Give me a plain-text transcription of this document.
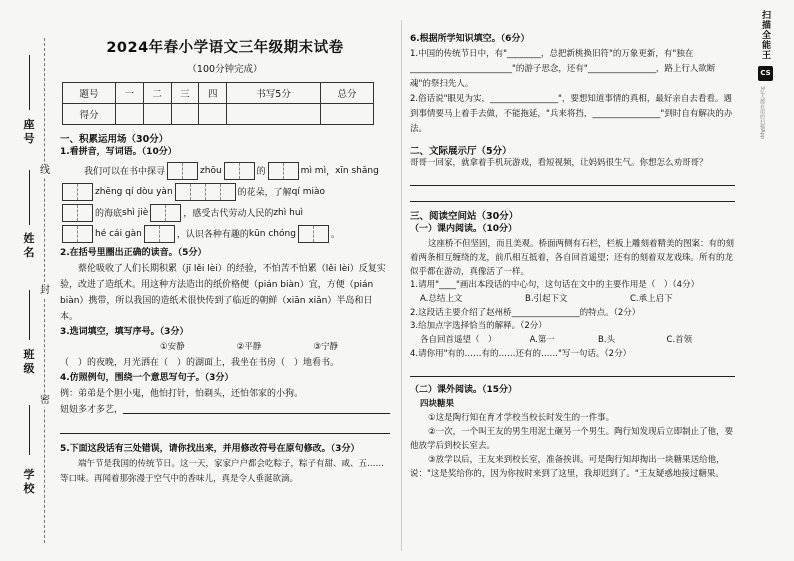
座号
姓名
班级
学校
线
封
密
2024年春小学语文三年级期末试卷
（100分钟完成）
题号	一	二	三	四	书写5分	总分
得分						
一、积累运用场（30分）
1.看拼音，写词语。（10分）
我们可以在书中探寻	zhōu	的	mì mì ， xīn shǎng
zhēng qí dòu yàn	的花朵，了解 qí miào
的海底 shì jiè	，感受古代劳动人民的 zhì huì
hé cái gàn	，认识各种有趣的 kūn chóng	。
2.在括号里圈出正确的读音。（5分）
蔡伦吸收了人们长期积累（jī lěi lèi）的经验，不怕苦不怕累（lěi lèi）反复实验，改进了造纸术。用这种方法造出的纸价格便（pián biàn）宜，方便（pián biàn）携带，所以我国的造纸术很快传到了临近的朝鲜（xiān xiǎn）半岛和日本。
3.选词填空，填写序号。（3分）
①安静	②平静	③宁静
（　）的夜晚，月光洒在（　）的湖面上，我坐在书房（　）地看书。
4.仿照例句，围绕一个意思写句子。（3分）
例：弟弟是个胆小鬼，他怕打针，怕剃头，还怕邻家的小狗。
妞妞多才多艺，
5.下面这段话有三处错误，请你找出来，并用修改符号在原句修改。（3分）
端午节是我国的传统节日。这一天，家家户户都会吃粽子，粽子有甜、咸、五……等口味。再闻着那弥漫于空气中的香味儿，真是令人垂涎欲滴。
6.根据所学知识填空。（6分）
1.中国的传统节日中，有"________，总把新桃换旧符"的万象更新，有"独在________________________"的游子思念，还有"________________，路上行人欲断魂"的祭扫先人。
2.俗话说"眼见为实，________________"，要想知道事情的真相，最好亲自去看看。遇到事情要马上着手去做，不能拖延，"兵来将挡，________________"到时自有解决的办法。
二、文际展示厅（5分）
哥哥一回家，就拿着手机玩游戏，看短视频，让妈妈很生气。你想怎么劝哥哥？
三、阅读空间站（30分）
（一）课内阅读。（10分）
这座桥不但坚固，而且美观。桥面两侧有石栏，栏板上雕刻着精美的图案：有的刻着两条相互缠绕的龙，前爪相互抵着，各自回首遥望；还有的刻着双龙戏珠。所有的龙似乎都在游动，真像活了一样。
1.请用"____"画出本段话的中心句，这句话在文中的主要作用是（　）（4分）
A.总结上文	B.引起下文	C.承上启下
2.这段话主要介绍了赵州桥________________的特点。（2分）
3.给加点字选择恰当的解释。（2分）
各自回首遥望（　）	A.第一	B.头	C.首领
4.请你用"有的……有的……还有的……"写一句话。（2分）
（二）课外阅读。（15分）
四块糖果
①这是陶行知在育才学校当校长时发生的一件事。
②一次，一个叫王友的男生用泥土砸另一个男生。陶行知发现后立即制止了他，要他放学后到校长室去。
③放学以后，王友来到校长室，准备挨训。可是陶行知却掏出一块糖果送给他，说："这是奖给你的，因为你按时来到了这里，我却迟到了。"王友疑惑地接过糖果。
扫描全能王
CS
3亿人都在用的扫描App
